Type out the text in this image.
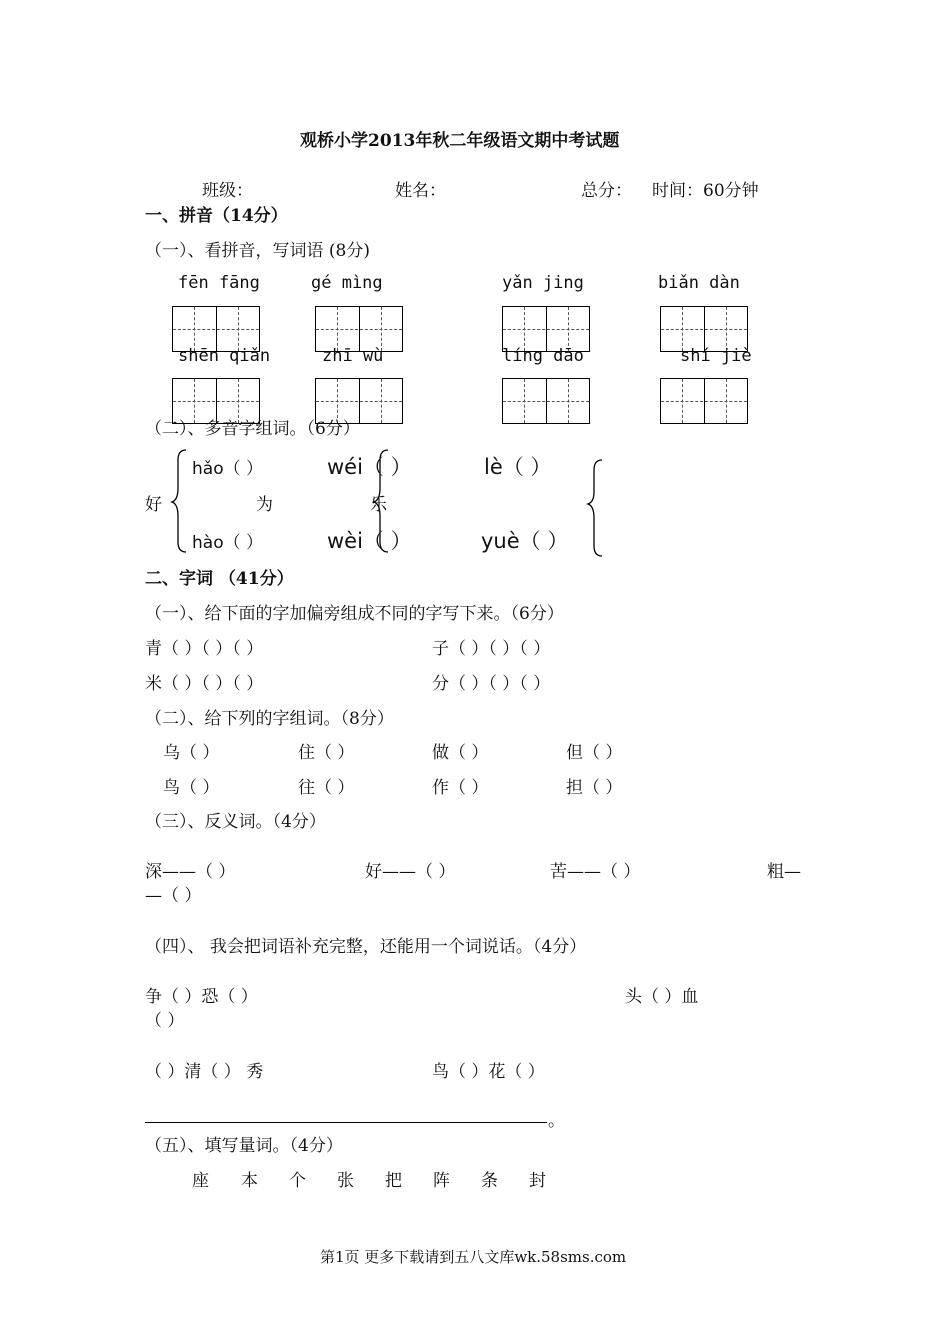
观桥小学2013年秋二年级语文期中考试题
班级：	姓名：	总分： 时间：60分钟
一、拼音（14分）
（一）、看拼音，写词语 (8分)
fēn fāng	gé mìng	yǎn jing	biǎn dàn
shēn qiǎn	zhī wù	líng dāo	shí jiè
（二）、多音字组词。（6分）
好
hǎo（ ）
hào（ ）
为
wéi（ ）
wèi（ ）
乐
lè（ ）
yuè（ ）
二、字词 （41分）
（一）、给下面的字加偏旁组成不同的字写下来。（6分）
青（ ）（ ）（ ）	子（ ）（ ）（ ）
米（ ）（ ）（ ）	分（ ）（ ）（ ）
（二）、给下列的字组词。（8分）
乌（ ）	住（ ）	做（ ）	但（ ）
鸟（ ）	往（ ）	作（ ）	担（ ）
（三）、反义词。（4分）
深——（ ）	好——（ ）	苦——（ ）	粗—
—（ ）
（四）、 我会把词语补充完整，还能用一个词说话。（4分）
争（ ）恐（ ）	头（ ）血
（ ）
（ ）清（ ） 秀	鸟（ ）花（ ）
。
（五）、填写量词。（4分）
座 本 个 张 把 阵 条 封
第1页 更多下载请到五八文库wk.58sms.com
